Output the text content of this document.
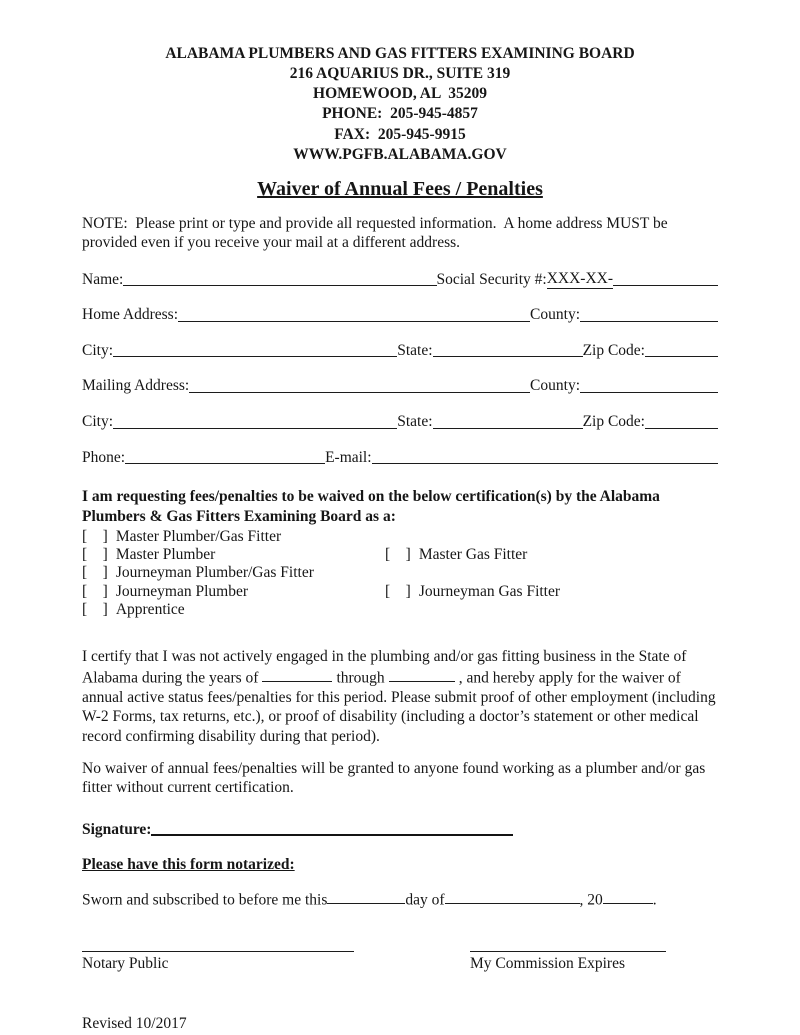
ALABAMA PLUMBERS AND GAS FITTERS EXAMINING BOARD
216 AQUARIUS DR., SUITE 319
HOMEWOOD, AL  35209
PHONE:  205-945-4857
FAX:  205-945-9915
WWW.PGFB.ALABAMA.GOV
Waiver of Annual Fees / Penalties
NOTE:  Please print or type and provide all requested information.  A home address MUST be provided even if you receive your mail at a different address.
Name:	Social Security #: XXX-XX-
Home Address:	County:
City:	State:	Zip Code:
Mailing Address:	County:
City:	State:	Zip Code:
Phone:	E-mail:
I am requesting fees/penalties to be waived on the below certification(s) by the Alabama Plumbers & Gas Fitters Examining Board as a:
[    ] Master Plumber/Gas Fitter
[    ] Master Plumber	[    ] Master Gas Fitter
[    ] Journeyman Plumber/Gas Fitter
[    ] Journeyman Plumber	[    ] Journeyman Gas Fitter
[    ] Apprentice
I certify that I was not actively engaged in the plumbing and/or gas fitting business in the State of Alabama during the years of	through	, and hereby apply for the waiver of annual active status fees/penalties for this period. Please submit proof of other employment (including W-2 Forms, tax returns, etc.), or proof of disability (including a doctor’s statement or other medical record confirming disability during that period).
No waiver of annual fees/penalties will be granted to anyone found working as a plumber and/or gas fitter without current certification.
Signature:
Please have this form notarized:
Sworn and subscribed to before me this	day of	, 20	.
Notary Public	My Commission Expires
Revised 10/2017
